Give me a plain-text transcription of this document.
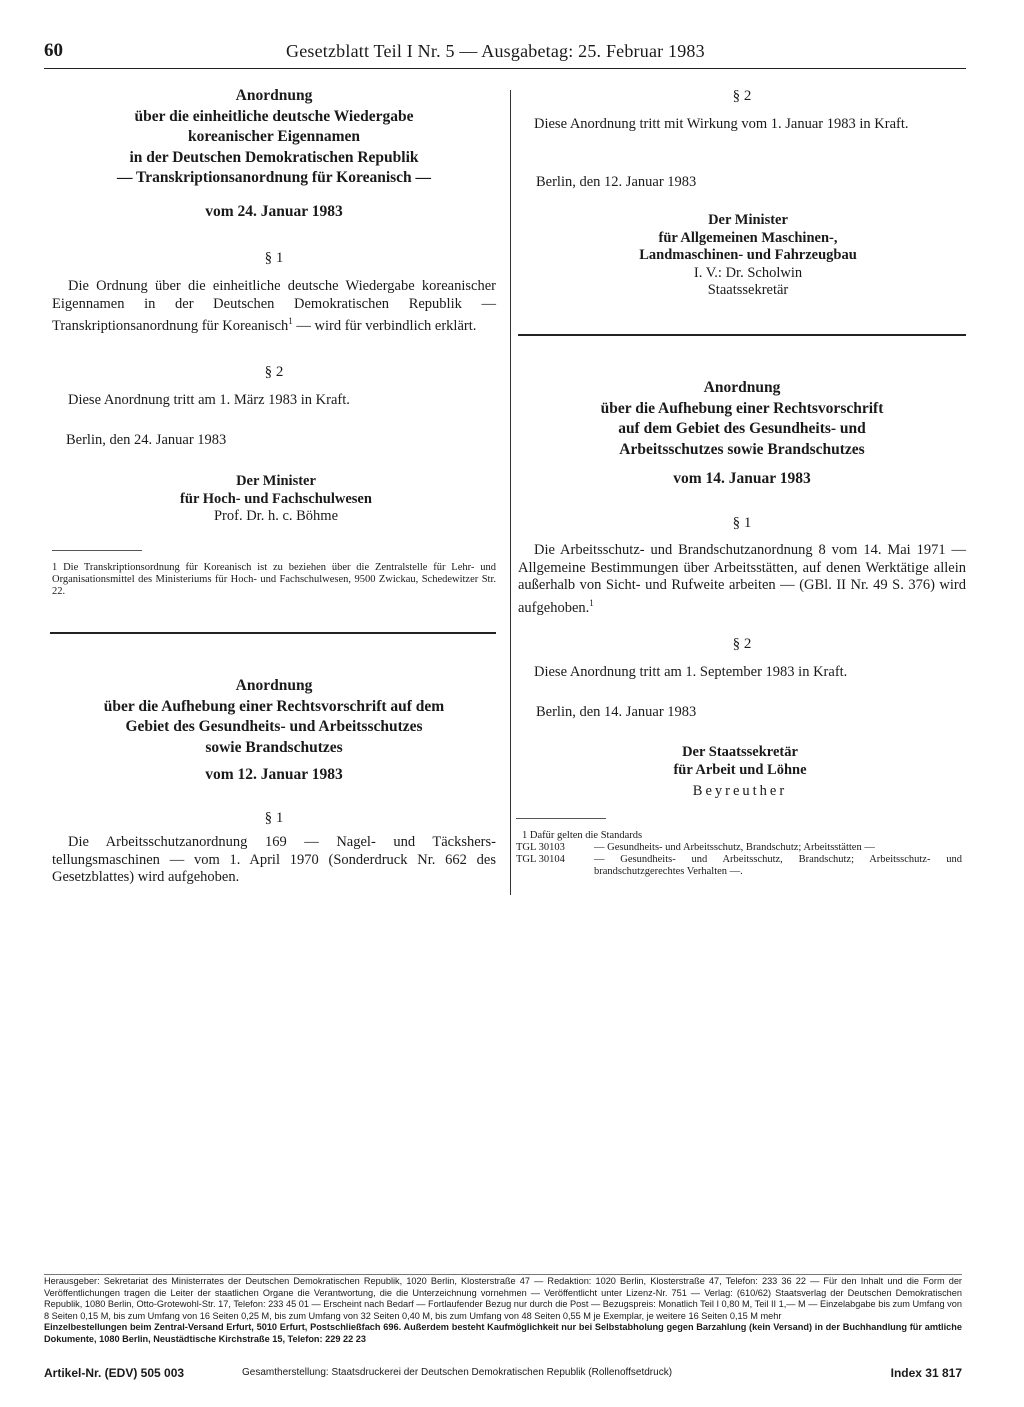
60	Gesetzblatt Teil I Nr. 5 — Ausgabetag: 25. Februar 1983
Anordnung
über die einheitliche deutsche Wiedergabe
koreanischer Eigennamen
in der Deutschen Demokratischen Republik
— Transkriptionsanordnung für Koreanisch —
vom 24. Januar 1983
§ 1
Die Ordnung über die einheitliche deutsche Wiedergabe koreanischer Eigennamen in der Deutschen Demokratischen Republik — Transkriptionsanordnung für Koreanisch$^1$ — wird für verbindlich erklärt.
§ 2
Diese Anordnung tritt am 1. März 1983 in Kraft.
Berlin, den 24. Januar 1983
Der Minister
für Hoch- und Fachschulwesen
Prof. Dr. h. c. Böhme
1 Die Transkriptionsordnung für Koreanisch ist zu beziehen über die Zentralstelle für Lehr- und Organisationsmittel des Ministeriums für Hoch- und Fachschulwesen, 9500 Zwickau, Schedewitzer Str. 22.
Anordnung
über die Aufhebung einer Rechtsvorschrift auf dem
Gebiet des Gesundheits- und Arbeitsschutzes
sowie Brandschutzes
vom 12. Januar 1983
§ 1
Die Arbeitsschutzanordnung 169 — Nagel- und Täcksherstellungsmaschinen — vom 1. April 1970 (Sonderdruck Nr. 662 des Gesetzblattes) wird aufgehoben.
§ 2
Diese Anordnung tritt mit Wirkung vom 1. Januar 1983 in Kraft.
Berlin, den 12. Januar 1983
Der Minister
für Allgemeinen Maschinen-,
Landmaschinen- und Fahrzeugbau
I. V.: Dr. Scholwin
Staatssekretär
Anordnung
über die Aufhebung einer Rechtsvorschrift
auf dem Gebiet des Gesundheits- und
Arbeitsschutzes sowie Brandschutzes
vom 14. Januar 1983
§ 1
Die Arbeitsschutz- und Brandschutzanordnung 8 vom 14. Mai 1971 — Allgemeine Bestimmungen über Arbeitsstätten, auf denen Werktätige allein außerhalb von Sicht- und Rufweite arbeiten — (GBl. II Nr. 49 S. 376) wird aufgehoben.$^1$
§ 2
Diese Anordnung tritt am 1. September 1983 in Kraft.
Berlin, den 14. Januar 1983
Der Staatssekretär
für Arbeit und Löhne
Beyreuther
1 Dafür gelten die Standards
TGL 30103	— Gesundheits- und Arbeitsschutz, Brandschutz; Arbeitsstätten —
TGL 30104	— Gesundheits- und Arbeitsschutz, Brandschutz; Arbeitsschutz- und brandschutzgerechtes Verhalten —.
Herausgeber: Sekretariat des Ministerrates der Deutschen Demokratischen Republik, 1020 Berlin, Klosterstraße 47 — Redaktion: 1020 Berlin, Klosterstraße 47, Telefon: 233 36 22 — Für den Inhalt und die Form der Veröffentlichungen tragen die Leiter der staatlichen Organe die Verantwortung, die die Unterzeichnung vornehmen — Veröffentlicht unter Lizenz-Nr. 751 — Verlag: (610/62) Staatsverlag der Deutschen Demokratischen Republik, 1080 Berlin, Otto-Grotewohl-Str. 17, Telefon: 233 45 01 — Erscheint nach Bedarf — Fortlaufender Bezug nur durch die Post — Bezugspreis: Monatlich Teil I 0,80 M, Teil II 1,— M — Einzelabgabe bis zum Umfang von 8 Seiten 0,15 M, bis zum Umfang von 16 Seiten 0,25 M, bis zum Umfang von 32 Seiten 0,40 M, bis zum Umfang von 48 Seiten 0,55 M je Exemplar, je weitere 16 Seiten 0,15 M mehr
Einzelbestellungen beim Zentral-Versand Erfurt, 5010 Erfurt, Postschließfach 696. Außerdem besteht Kaufmöglichkeit nur bei Selbstabholung gegen Barzahlung (kein Versand) in der Buchhandlung für amtliche Dokumente, 1080 Berlin, Neustädtische Kirchstraße 15, Telefon: 229 22 23
Artikel-Nr. (EDV) 505 003	Gesamtherstellung: Staatsdruckerei der Deutschen Demokratischen Republik (Rollenoffsetdruck)	Index 31 817
